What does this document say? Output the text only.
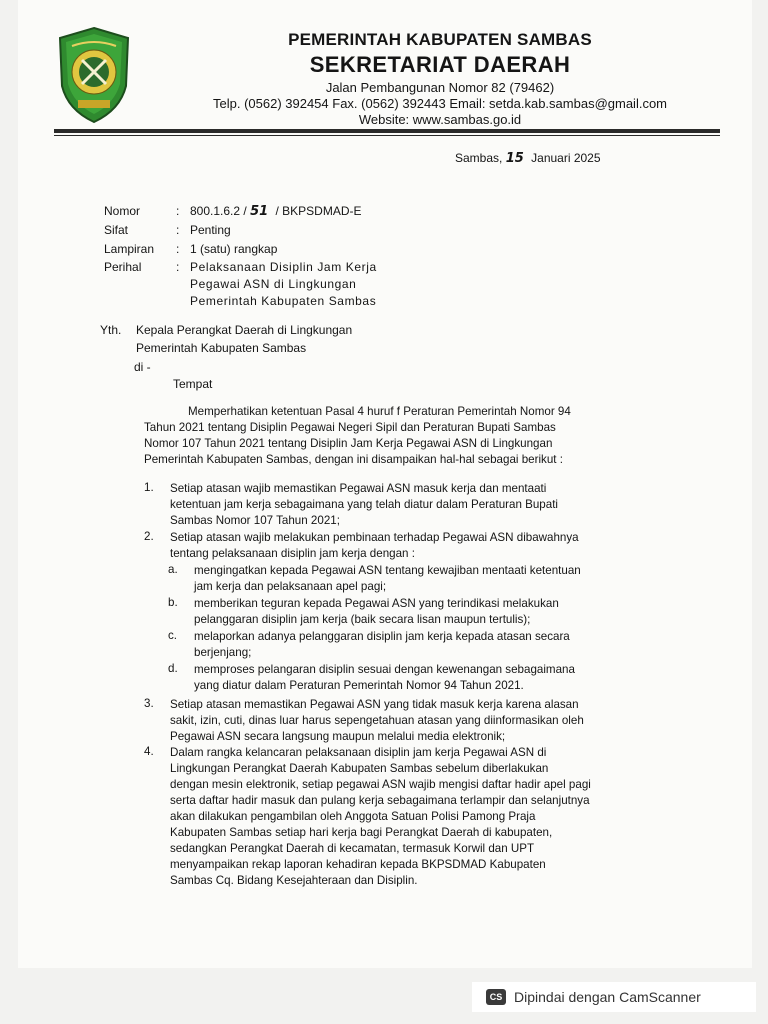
PEMERINTAH KABUPATEN SAMBAS
SEKRETARIAT DAERAH
Jalan Pembangunan Nomor 82 (79462)
Telp. (0562) 392454 Fax. (0562) 392443 Email: setda.kab.sambas@gmail.com
Website: www.sambas.go.id
Sambas, 15 Januari 2025
Nomor	: 800.1.6.2 / 51 / BKPSDMAD-E
Sifat	: Penting
Lampiran	: 1 (satu) rangkap
Perihal	: Pelaksanaan Disiplin Jam Kerja
Pegawai ASN di Lingkungan
Pemerintah Kabupaten Sambas
Yth. Kepala Perangkat Daerah di Lingkungan
Pemerintah Kabupaten Sambas
di -
Tempat
Memperhatikan ketentuan Pasal 4 huruf f Peraturan Pemerintah Nomor 94
Tahun 2021 tentang Disiplin Pegawai Negeri Sipil dan Peraturan Bupati Sambas
Nomor 107 Tahun 2021 tentang Disiplin Jam Kerja Pegawai ASN di Lingkungan
Pemerintah Kabupaten Sambas, dengan ini disampaikan hal-hal sebagai berikut :
1. Setiap atasan wajib memastikan Pegawai ASN masuk kerja dan mentaati
ketentuan jam kerja sebagaimana yang telah diatur dalam Peraturan Bupati
Sambas Nomor 107 Tahun 2021;
2. Setiap atasan wajib melakukan pembinaan terhadap Pegawai ASN dibawahnya
tentang pelaksanaan disiplin jam kerja dengan :
a. mengingatkan kepada Pegawai ASN tentang kewajiban mentaati ketentuan
jam kerja dan pelaksanaan apel pagi;
b. memberikan teguran kepada Pegawai ASN yang terindikasi melakukan
pelanggaran disiplin jam kerja (baik secara lisan maupun tertulis);
c. melaporkan adanya pelanggaran disiplin jam kerja kepada atasan secara
berjenjang;
d. memproses pelangaran disiplin sesuai dengan kewenangan sebagaimana
yang diatur dalam Peraturan Pemerintah Nomor 94 Tahun 2021.
3. Setiap atasan memastikan Pegawai ASN yang tidak masuk kerja karena alasan
sakit, izin, cuti, dinas luar harus sepengetahuan atasan yang diinformasikan oleh
Pegawai ASN secara langsung maupun melalui media elektronik;
4. Dalam rangka kelancaran pelaksanaan disiplin jam kerja Pegawai ASN di
Lingkungan Perangkat Daerah Kabupaten Sambas sebelum diberlakukan
dengan mesin elektronik, setiap pegawai ASN wajib mengisi daftar hadir apel pagi
serta daftar hadir masuk dan pulang kerja sebagaimana terlampir dan selanjutnya
akan dilakukan pengambilan oleh Anggota Satuan Polisi Pamong Praja
Kabupaten Sambas setiap hari kerja bagi Perangkat Daerah di kabupaten,
sedangkan Perangkat Daerah di kecamatan, termasuk Korwil dan UPT
menyampaikan rekap laporan kehadiran kepada BKPSDMAD Kabupaten
Sambas Cq. Bidang Kesejahteraan dan Disiplin.
CS Dipindai dengan CamScanner
